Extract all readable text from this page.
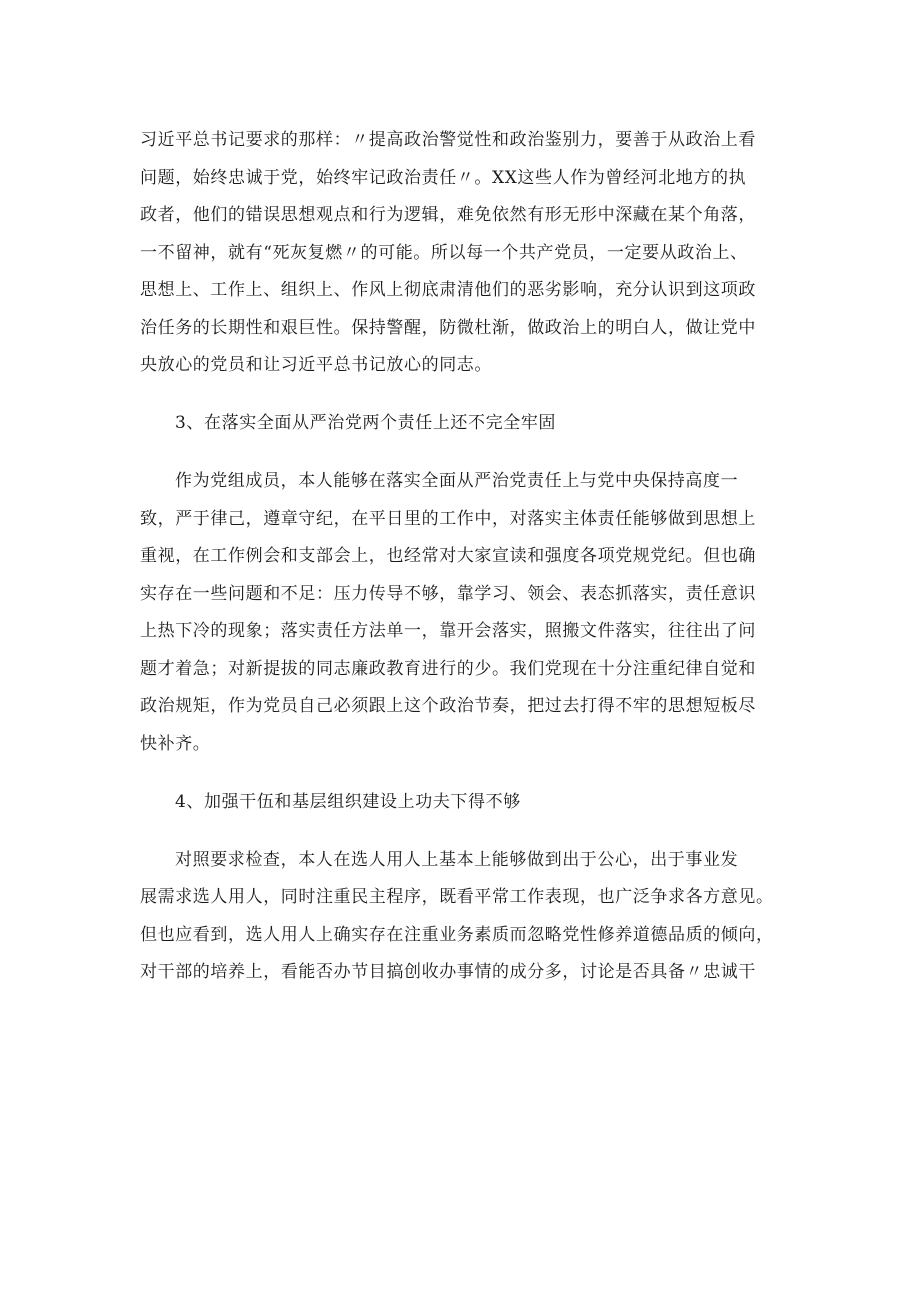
习近平总书记要求的那样：〃提高政治警觉性和政治鉴别力，要善于从政治上看
问题，始终忠诚于党，始终牢记政治责任〃。XX这些人作为曾经河北地方的执
政者，他们的错误思想观点和行为逻辑，难免依然有形无形中深藏在某个角落，
一不留神，就有“死灰复燃〃的可能。所以每一个共产党员，一定要从政治上、
思想上、工作上、组织上、作风上彻底肃清他们的恶劣影响，充分认识到这项政
治任务的长期性和艰巨性。保持警醒，防微杜渐，做政治上的明白人，做让党中
央放心的党员和让习近平总书记放心的同志。
3、在落实全面从严治党两个责任上还不完全牢固
作为党组成员，本人能够在落实全面从严治党责任上与党中央保持高度一
致，严于律己，遵章守纪，在平日里的工作中，对落实主体责任能够做到思想上
重视，在工作例会和支部会上，也经常对大家宣读和强度各项党规党纪。但也确
实存在一些问题和不足：压力传导不够，靠学习、领会、表态抓落实，责任意识
上热下冷的现象；落实责任方法单一，靠开会落实，照搬文件落实，往往出了问
题才着急；对新提拔的同志廉政教育进行的少。我们党现在十分注重纪律自觉和
政治规矩，作为党员自己必须跟上这个政治节奏，把过去打得不牢的思想短板尽
快补齐。
4、加强干伍和基层组织建设上功夫下得不够
对照要求检查，本人在选人用人上基本上能够做到出于公心，出于事业发
展需求选人用人，同时注重民主程序，既看平常工作表现，也广泛争求各方意见。
但也应看到，选人用人上确实存在注重业务素质而忽略党性修养道德品质的倾向，
对干部的培养上，看能否办节目搞创收办事情的成分多，讨论是否具备〃忠诚干
